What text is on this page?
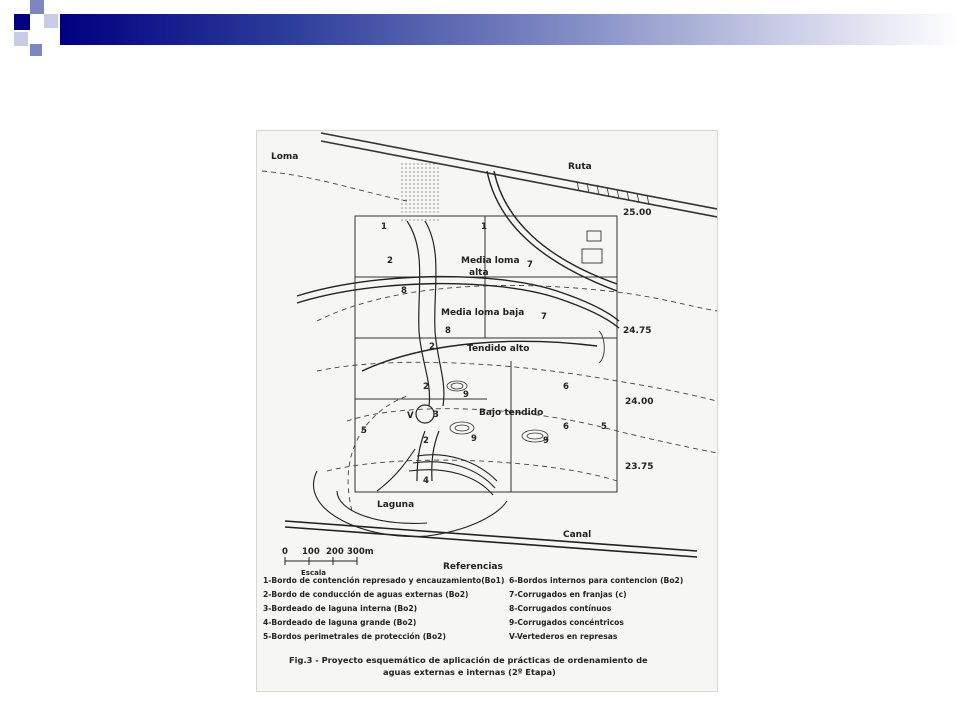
Loma
Ruta
25.00
24.75
24.00
23.75
Media loma
alta
Media loma baja
Tendido alto
Bajo tendido
Laguna
Canal
1	1
2	7
8
7
8
2
2
9
6
3
V
9	9
6
5	5
2
4
0 100 200 300m
Escala
Referencias
1-Bordo de contención represado y encauzamiento(Bo1)
2-Bordo de conducción de aguas externas (Bo2)
3-Bordeado de laguna interna (Bo2)
4-Bordeado de laguna grande (Bo2)
5-Bordos perimetrales de protección (Bo2)
6-Bordos internos para contencion (Bo2)
7-Corrugados en franjas (c)
8-Corrugados contínuos
9-Corrugados concéntricos
V-Vertederos en represas
Fig.3 - Proyecto esquemático de aplicación de prácticas de ordenamiento de
aguas externas e internas (2º Etapa)
